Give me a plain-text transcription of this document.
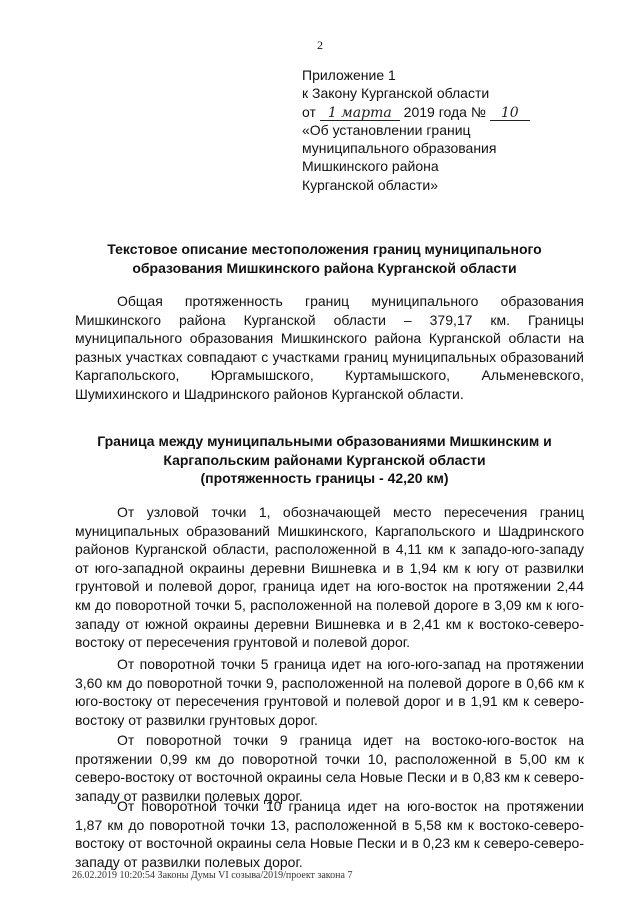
2
Приложение 1
к Закону Курганской области
от 1 марта 2019 года № 10
«Об установлении границ
муниципального образования
Мишкинского района
Курганской области»
Текстовое описание местоположения границ муниципального образования Мишкинского района Курганской области
Общая протяженность границ муниципального образования Мишкинского района Курганской области – 379,17 км. Границы муниципального образования Мишкинского района Курганской области на разных участках совпадают с участками границ муниципальных образований Каргапольского, Юргамышского, Куртамышского, Альменевского, Шумихинского и Шадринского районов Курганской области.
Граница между муниципальными образованиями Мишкинским и
Каргапольским районами Курганской области
(протяженность границы - 42,20 км)
От узловой точки 1, обозначающей место пересечения границ муниципальных образований Мишкинского, Каргапольского и Шадринского районов Курганской области, расположенной в 4,11 км к западо-юго-западу от юго-западной окраины деревни Вишневка и в 1,94 км к югу от развилки грунтовой и полевой дорог, граница идет на юго-восток на протяжении 2,44 км до поворотной точки 5, расположенной на полевой дороге в 3,09 км к юго-западу от южной окраины деревни Вишневка и в 2,41 км к востоко-северо-востоку от пересечения грунтовой и полевой дорог.
От поворотной точки 5 граница идет на юго-юго-запад на протяжении 3,60 км до поворотной точки 9, расположенной на полевой дороге в 0,66 км к юго-востоку от пересечения грунтовой и полевой дорог и в 1,91 км к северо-востоку от развилки грунтовых дорог.
От поворотной точки 9 граница идет на востоко-юго-восток на протяжении 0,99 км до поворотной точки 10, расположенной в 5,00 км к северо-востоку от восточной окраины села Новые Пески и в 0,83 км к северо-западу от развилки полевых дорог.
От поворотной точки 10 граница идет на юго-восток на протяжении 1,87 км до поворотной точки 13, расположенной в 5,58 км к востоко-северо-востоку от восточной окраины села Новые Пески и в 0,23 км к северо-северо-западу от развилки полевых дорог.
26.02.2019 10:20:54 Законы Думы VI созыва/2019/проект закона 7
